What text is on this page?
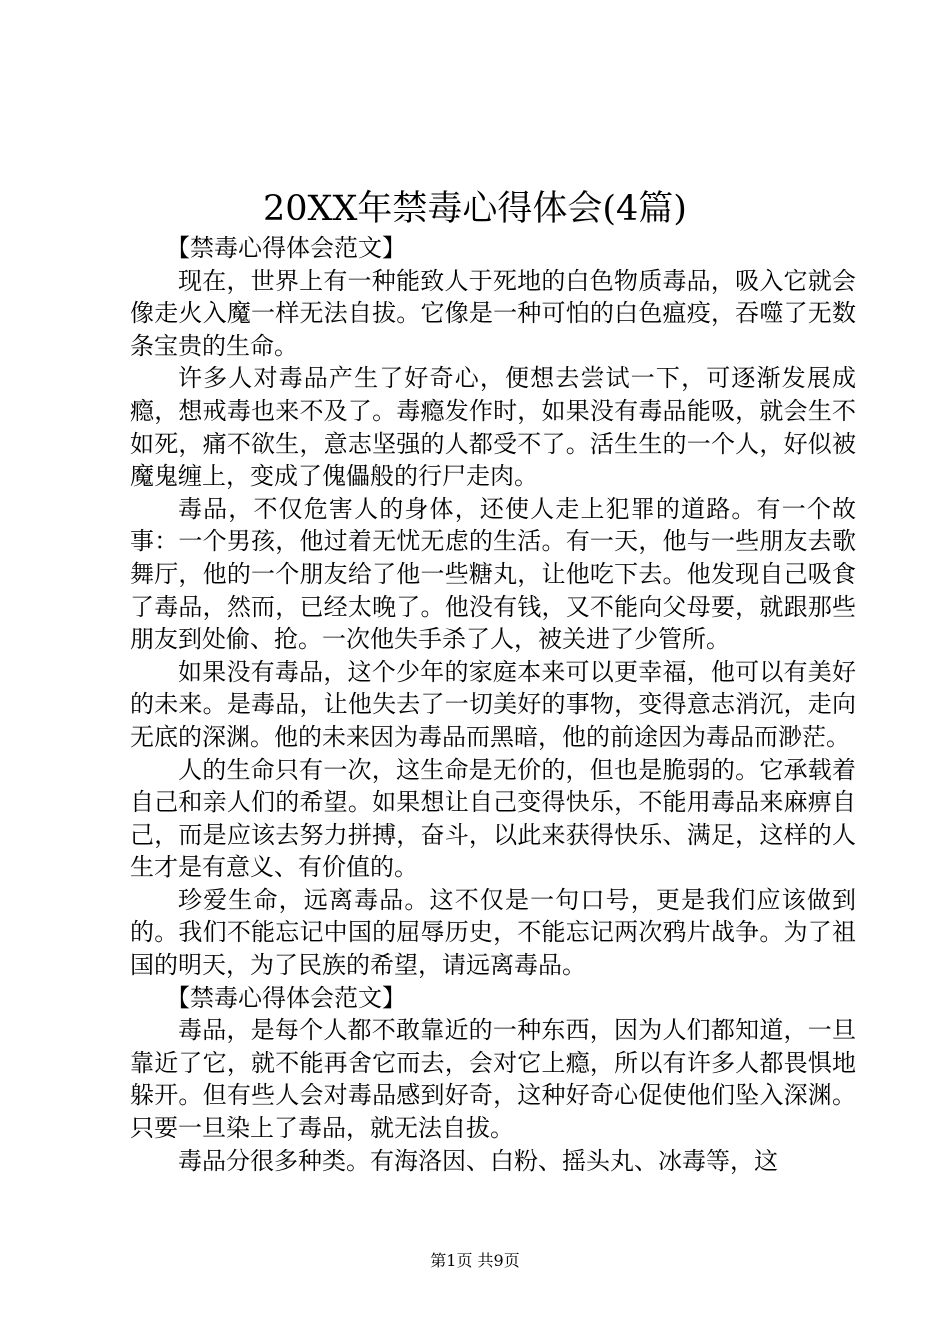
20XX年禁毒心得体会(4篇)

【禁毒心得体会范文】

现在，世界上有一种能致人于死地的白色物质毒品，吸入它就会像走火入魔一样无法自拔。它像是一种可怕的白色瘟疫，吞噬了无数条宝贵的生命。

许多人对毒品产生了好奇心，便想去尝试一下，可逐渐发展成瘾，想戒毒也来不及了。毒瘾发作时，如果没有毒品能吸，就会生不如死，痛不欲生，意志坚强的人都受不了。活生生的一个人，好似被魔鬼缠上，变成了傀儡般的行尸走肉。

毒品，不仅危害人的身体，还使人走上犯罪的道路。有一个故事：一个男孩，他过着无忧无虑的生活。有一天，他与一些朋友去歌舞厅，他的一个朋友给了他一些糖丸，让他吃下去。他发现自己吸食了毒品，然而，已经太晚了。他没有钱，又不能向父母要，就跟那些朋友到处偷、抢。一次他失手杀了人，被关进了少管所。

如果没有毒品，这个少年的家庭本来可以更幸福，他可以有美好的未来。是毒品，让他失去了一切美好的事物，变得意志消沉，走向无底的深渊。他的未来因为毒品而黑暗，他的前途因为毒品而渺茫。

人的生命只有一次，这生命是无价的，但也是脆弱的。它承载着自己和亲人们的希望。如果想让自己变得快乐，不能用毒品来麻痹自己，而是应该去努力拼搏，奋斗，以此来获得快乐、满足，这样的人生才是有意义、有价值的。

珍爱生命，远离毒品。这不仅是一句口号，更是我们应该做到的。我们不能忘记中国的屈辱历史，不能忘记两次鸦片战争。为了祖国的明天，为了民族的希望，请远离毒品。

【禁毒心得体会范文】

毒品，是每个人都不敢靠近的一种东西，因为人们都知道，一旦靠近了它，就不能再舍它而去，会对它上瘾，所以有许多人都畏惧地躲开。但有些人会对毒品感到好奇，这种好奇心促使他们坠入深渊。只要一旦染上了毒品，就无法自拔。

毒品分很多种类。有海洛因、白粉、摇头丸、冰毒等，这

第1页 共9页
